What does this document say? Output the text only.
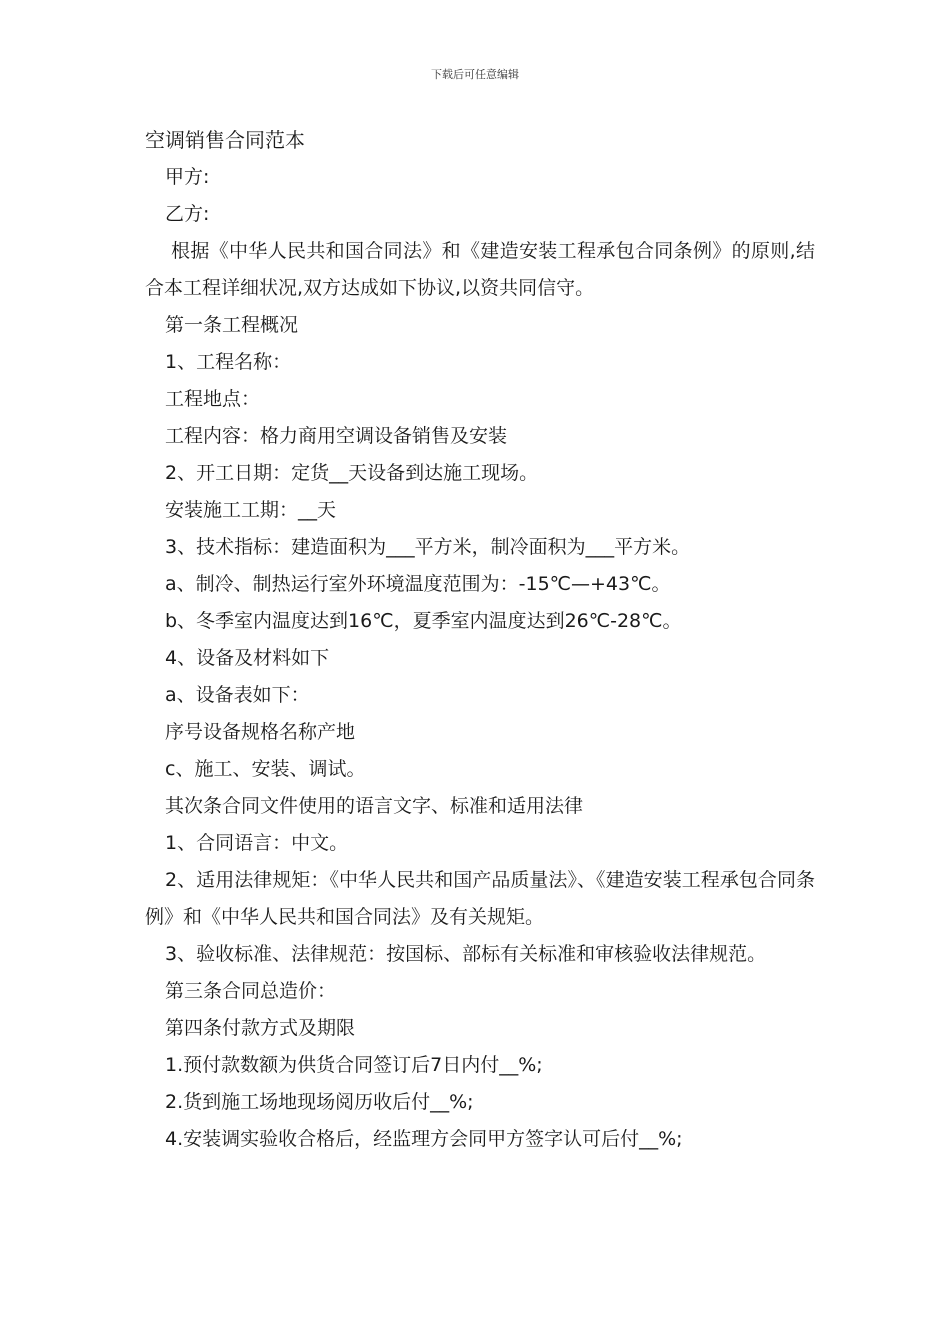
下载后可任意编辑
空调销售合同范本
甲方:
乙方:
根据《中华人民共和国合同法》和《建造安装工程承包合同条例》的原则,结合本工程详细状况,双方达成如下协议,以资共同信守。
第一条工程概况
1、工程名称：
工程地点：
工程内容：格力商用空调设备销售及安装
2、开工日期：定货__天设备到达施工现场。
安装施工工期：__天
3、技术指标：建造面积为___平方米，制冷面积为___平方米。
a、制冷、制热运行室外环境温度范围为：-15℃—+43℃。
b、冬季室内温度达到16℃，夏季室内温度达到26℃-28℃。
4、设备及材料如下
a、设备表如下：
序号设备规格名称产地
c、施工、安装、调试。
其次条合同文件使用的语言文字、标准和适用法律
1、合同语言：中文。
2、适用法律规矩：《中华人民共和国产品质量法》、《建造安装工程承包合同条例》和《中华人民共和国合同法》及有关规矩。
3、验收标准、法律规范：按国标、部标有关标准和审核验收法律规范。
第三条合同总造价：
第四条付款方式及期限
1.预付款数额为供货合同签订后7日内付__%;
2.货到施工场地现场阅历收后付__%;
4.安装调实验收合格后，经监理方会同甲方签字认可后付__%;
